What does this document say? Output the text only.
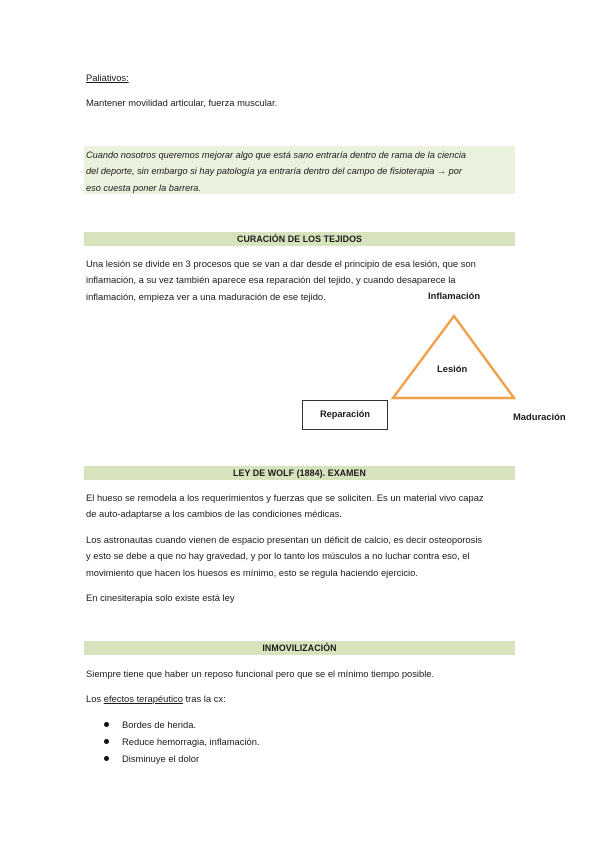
Paliativos:
Mantener movilidad articular, fuerza muscular.
Cuando nosotros queremos mejorar algo que está sano entraría dentro de rama de la ciencia
del deporte, sin embargo si hay patología ya entraría dentro del campo de fisioterapia → por
eso cuesta poner la barrera.
CURACIÓN DE LOS TEJIDOS
Una lesión se divide en 3 procesos que se van a dar desde el principio de esa lesión, que son
inflamación, a su vez también aparece esa reparación del tejido, y cuando desaparece la
inflamación, empieza ver a una maduración de ese tejido.	Inflamación
Lesión
Reparación	Maduración
LEY DE WOLF (1884). EXAMEN
El hueso se remodela a los requerimientos y fuerzas que se soliciten. Es un material vivo capaz
de auto-adaptarse a los cambios de las condiciones médicas.
Los astronautas cuando vienen de espacio presentan un déficit de calcio, es decir osteoporosis
y esto se debe a que no hay gravedad, y por lo tanto los músculos a no luchar contra eso, el
movimiento que hacen los huesos es mínimo, esto se regula haciendo ejercicio.
En cinesiterapia solo existe está ley
INMOVILIZACIÓN
Siempre tiene que haber un reposo funcional pero que se el mínimo tiempo posible.
Los efectos terapéutico tras la cx:
Bordes de herida.
Reduce hemorragia, inflamación.
Disminuye el dolor
